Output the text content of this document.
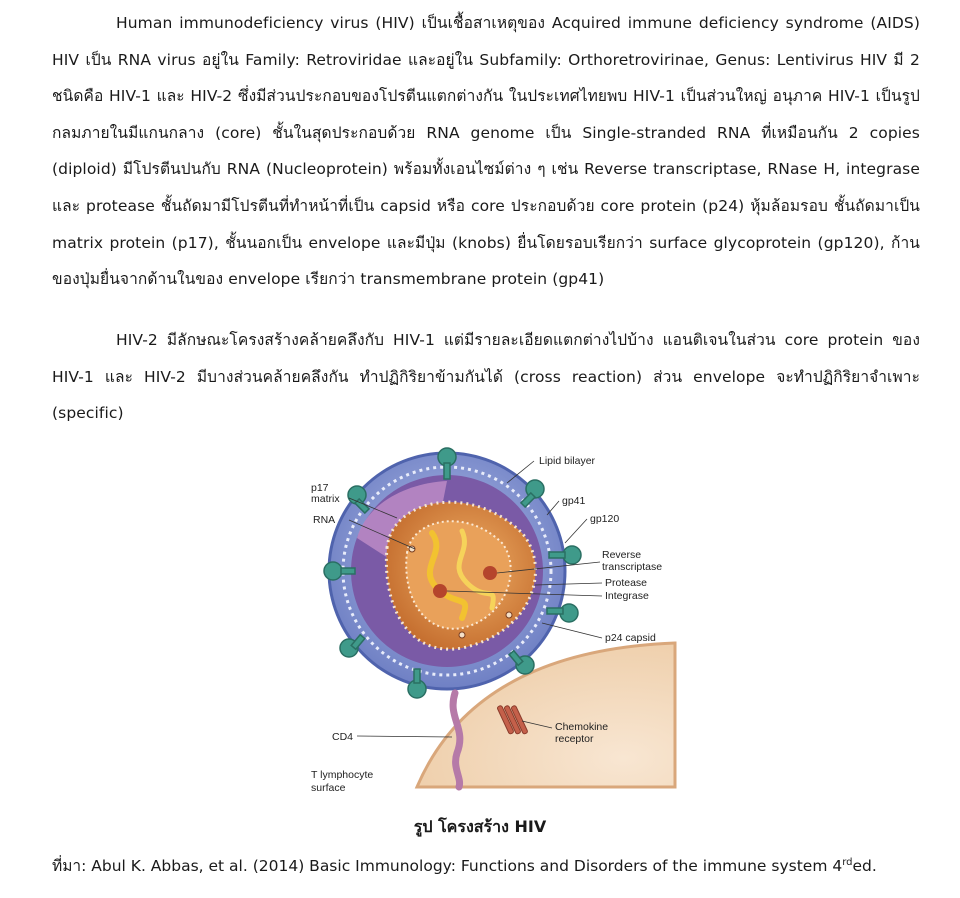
Human immunodeficiency virus (HIV) เป็นเชื้อสาเหตุของ Acquired immune deficiency syndrome (AIDS) HIV เป็น RNA virus อยู่ใน Family: Retroviridae และอยู่ใน Subfamily: Orthoretrovirinae, Genus: Lentivirus HIV มี 2 ชนิดคือ HIV-1 และ HIV-2 ซึ่งมีส่วนประกอบของโปรตีนแตกต่างกัน ในประเทศไทยพบ HIV-1 เป็นส่วนใหญ่ อนุภาค HIV-1 เป็นรูปกลมภายในมีแกนกลาง (core) ชั้นในสุดประกอบด้วย RNA genome เป็น Single-stranded RNA ที่เหมือนกัน 2 copies (diploid) มีโปรตีนปนกับ RNA (Nucleoprotein) พร้อมทั้งเอนไซม์ต่าง ๆ เช่น Reverse transcriptase, RNase H, integrase และ protease ชั้นถัดมามีโปรตีนที่ทำหน้าที่เป็น capsid หรือ core ประกอบด้วย core protein (p24) หุ้มล้อมรอบ ชั้นถัดมาเป็น matrix protein (p17), ชั้นนอกเป็น envelope และมีปุ่ม (knobs) ยื่นโดยรอบเรียกว่า surface glycoprotein (gp120), ก้านของปุ่มยื่นจากด้านในของ envelope เรียกว่า transmembrane protein (gp41)

HIV-2 มีลักษณะโครงสร้างคล้ายคลึงกับ HIV-1 แต่มีรายละเอียดแตกต่างไปบ้าง แอนติเจนในส่วน core protein ของ HIV-1 และ HIV-2 มีบางส่วนคล้ายคลึงกัน ทำปฏิกิริยาข้ามกันได้ (cross reaction) ส่วน envelope จะทำปฏิกิริยาจำเพาะ (specific)

Lipid bilayer
gp41
gp120
Reverse
transcriptase
Protease
Integrase
p24 capsid
p17
matrix
RNA
CD4
Chemokine
receptor
T lymphocyte
surface

รูป โครงสร้าง HIV

ที่มา: Abul K. Abbas, et al. (2014) Basic Immunology: Functions and Disorders of the immune system 4rded.
